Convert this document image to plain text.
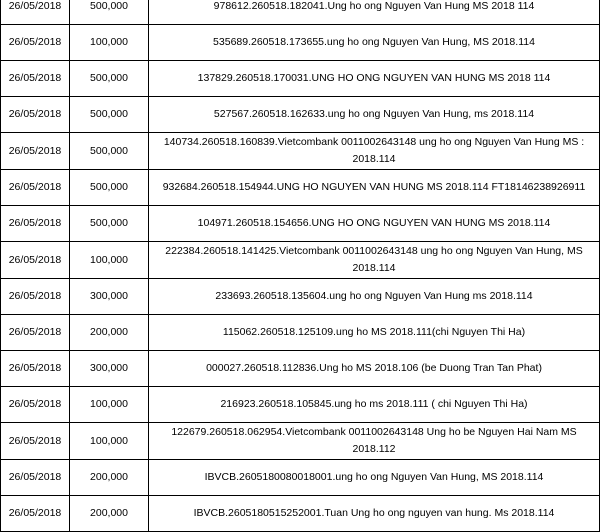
26/05/2018	500,000	978612.260518.182041.Ung ho ong Nguyen Van Hung MS 2018 114
26/05/2018	100,000	535689.260518.173655.ung ho ong Nguyen Van Hung, MS 2018.114
26/05/2018	500,000	137829.260518.170031.UNG HO ONG NGUYEN VAN HUNG MS 2018 114
26/05/2018	500,000	527567.260518.162633.ung ho ong Nguyen Van Hung, ms 2018.114
26/05/2018	500,000	140734.260518.160839.Vietcombank 0011002643148 ung ho ong Nguyen Van Hung MS : 2018.114
26/05/2018	500,000	932684.260518.154944.UNG HO NGUYEN VAN HUNG MS 2018.114 FT18146238926911
26/05/2018	500,000	104971.260518.154656.UNG HO ONG NGUYEN VAN HUNG MS 2018.114
26/05/2018	100,000	222384.260518.141425.Vietcombank 0011002643148 ung ho ong Nguyen Van Hung, MS 2018.114
26/05/2018	300,000	233693.260518.135604.ung ho ong Nguyen Van Hung ms 2018.114
26/05/2018	200,000	115062.260518.125109.ung ho MS 2018.111(chi Nguyen Thi Ha)
26/05/2018	300,000	000027.260518.112836.Ung ho MS 2018.106 (be Duong Tran Tan Phat)
26/05/2018	100,000	216923.260518.105845.ung ho ms 2018.111 ( chi Nguyen Thi Ha)
26/05/2018	100,000	122679.260518.062954.Vietcombank 0011002643148 Ung ho be Nguyen Hai Nam MS 2018.112
26/05/2018	200,000	IBVCB.2605180080018001.ung ho ong Nguyen Van Hung, MS 2018.114
26/05/2018	200,000	IBVCB.2605180515252001.Tuan Ung ho ong nguyen van hung. Ms 2018.114
